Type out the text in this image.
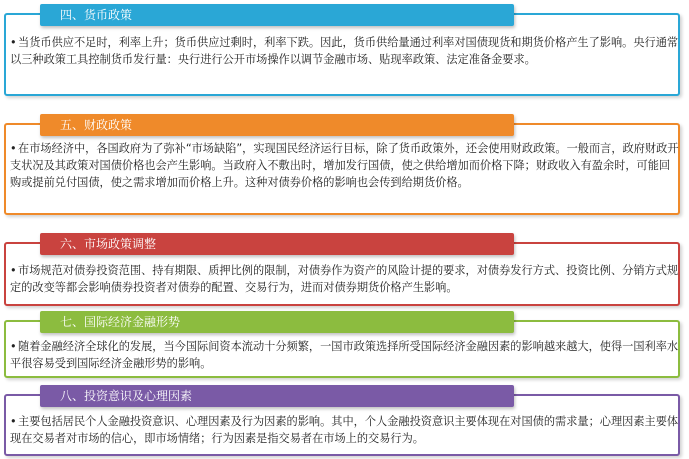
四、货币政策
•当货币供应不足时，利率上升；货币供应过剩时，利率下跌。因此，货币供给量通过利率对国债现货和期货价格产生了影响。央行通常以三种政策工具控制货币发行量：央行进行公开市场操作以调节金融市场、贴现率政策、法定准备金要求。
五、财政政策
•在市场经济中，各国政府为了弥补“市场缺陷”，实现国民经济运行目标，除了货币政策外，还会使用财政政策。一般而言，政府财政开支状况及其政策对国债价格也会产生影响。当政府入不敷出时，增加发行国债，使之供给增加而价格下降；财政收入有盈余时，可能回购或提前兑付国债，使之需求增加而价格上升。这种对债券价格的影响也会传到给期货价格。
六、市场政策调整
•市场规范对债券投资范围、持有期限、质押比例的限制，对债券作为资产的风险计提的要求，对债券发行方式、投资比例、分销方式规定的改变等都会影响债券投资者对债券的配置、交易行为，进而对债券期货价格产生影响。
七、国际经济金融形势
•随着金融经济全球化的发展，当今国际间资本流动十分频繁，一国市政策选择所受国际经济金融因素的影响越来越大，使得一国利率水平很容易受到国际经济金融形势的影响。
八、投资意识及心理因素
•主要包括居民个人金融投资意识、心理因素及行为因素的影响。其中，个人金融投资意识主要体现在对国债的需求量；心理因素主要体现在交易者对市场的信心，即市场情绪；行为因素是指交易者在市场上的交易行为。
